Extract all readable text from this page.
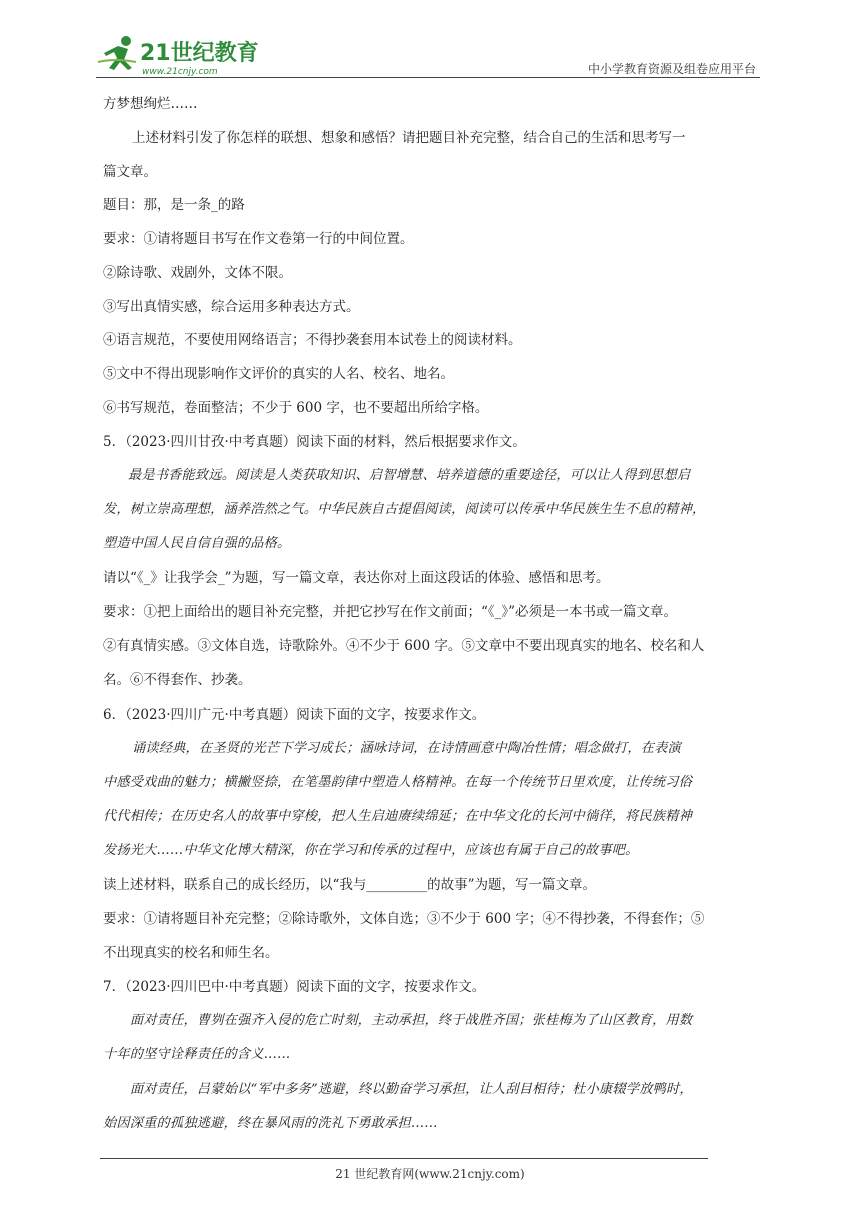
21世纪教育
www.21cnjy.com	中小学教育资源及组卷应用平台
方梦想绚烂……
上述材料引发了你怎样的联想、想象和感悟？请把题目补充完整，结合自己的生活和思考写一
篇文章。
题目：那，是一条_的路
要求：①请将题目书写在作文卷第一行的中间位置。
②除诗歌、戏剧外，文体不限。
③写出真情实感，综合运用多种表达方式。
④语言规范，不要使用网络语言；不得抄袭套用本试卷上的阅读材料。
⑤文中不得出现影响作文评价的真实的人名、校名、地名。
⑥书写规范，卷面整洁；不少于 600 字，也不要超出所给字格。
5．（2023·四川甘孜·中考真题）阅读下面的材料，然后根据要求作文。
最是书香能致远。阅读是人类获取知识、启智增慧、培养道德的重要途径，可以让人得到思想启
发，树立崇高理想，涵养浩然之气。中华民族自古提倡阅读，阅读可以传承中华民族生生不息的精神，
塑造中国人民自信自强的品格。
请以“《_》让我学会_”为题，写一篇文章，表达你对上面这段话的体验、感悟和思考。
要求：①把上面给出的题目补充完整，并把它抄写在作文前面；“《_》”必须是一本书或一篇文章。
②有真情实感。③文体自选，诗歌除外。④不少于 600 字。⑤文章中不要出现真实的地名、校名和人
名。⑥不得套作、抄袭。
6．（2023·四川广元·中考真题）阅读下面的文字，按要求作文。
诵读经典，在圣贤的光芒下学习成长；涵咏诗词，在诗情画意中陶冶性情；唱念做打，在表演
中感受戏曲的魅力；横撇竖捺，在笔墨韵律中塑造人格精神。在每一个传统节日里欢度，让传统习俗
代代相传；在历史名人的故事中穿梭，把人生启迪赓续绵延；在中华文化的长河中徜徉，将民族精神
发扬光大……中华文化博大精深，你在学习和传承的过程中，应该也有属于自己的故事吧。
读上述材料，联系自己的成长经历，以“我与_________的故事”为题，写一篇文章。
要求：①请将题目补充完整；②除诗歌外，文体自选；③不少于 600 字；④不得抄袭，不得套作；⑤
不出现真实的校名和师生名。
7．（2023·四川巴中·中考真题）阅读下面的文字，按要求作文。
面对责任，曹刿在强齐入侵的危亡时刻，主动承担，终于战胜齐国；张桂梅为了山区教育，用数
十年的坚守诠释责任的含义……
面对责任，吕蒙始以“军中多务”逃避，终以勤奋学习承担，让人刮目相待；杜小康辍学放鸭时，
始因深重的孤独逃避，终在暴风雨的洗礼下勇敢承担……
21 世纪教育网(www.21cnjy.com)
